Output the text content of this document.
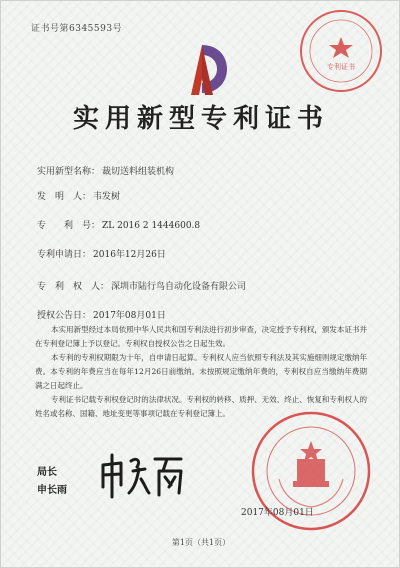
证书号第6345593号
专利证书
实用新型专利证书

本实用新型经过本局依照中华人民共和国专利法进行初步审查，决定授予专利权，颁发本证书并在专利登记簿上予以登记。专利权自授权公告之日起生效。

本专利的专利权期限为十年，自申请日起算。专利权人应当依照专利法及其实施细则规定缴纳年费。本专利的年费应当在每年12月26日前缴纳。未按照规定缴纳年费的，专利权自应当缴纳年费期满之日起终止。

专利证书记载专利权登记时的法律状况。专利权的转移、质押、无效、终止、恢复和专利权人的姓名或名称、国籍、地址变更等事项记载在专利登记簿上。

局长
申长雨
2017年08月01日
第1页（共1页）
实用新型名称： 裁切送料组装机构
发　明　人： 韦发树
专　　利　号： ZL 2016 2 1444600.8
专利申请日： 2016年12月26日
专　利　权　人： 深圳市陆行鸟自动化设备有限公司
授权公告日： 2017年08月01日
